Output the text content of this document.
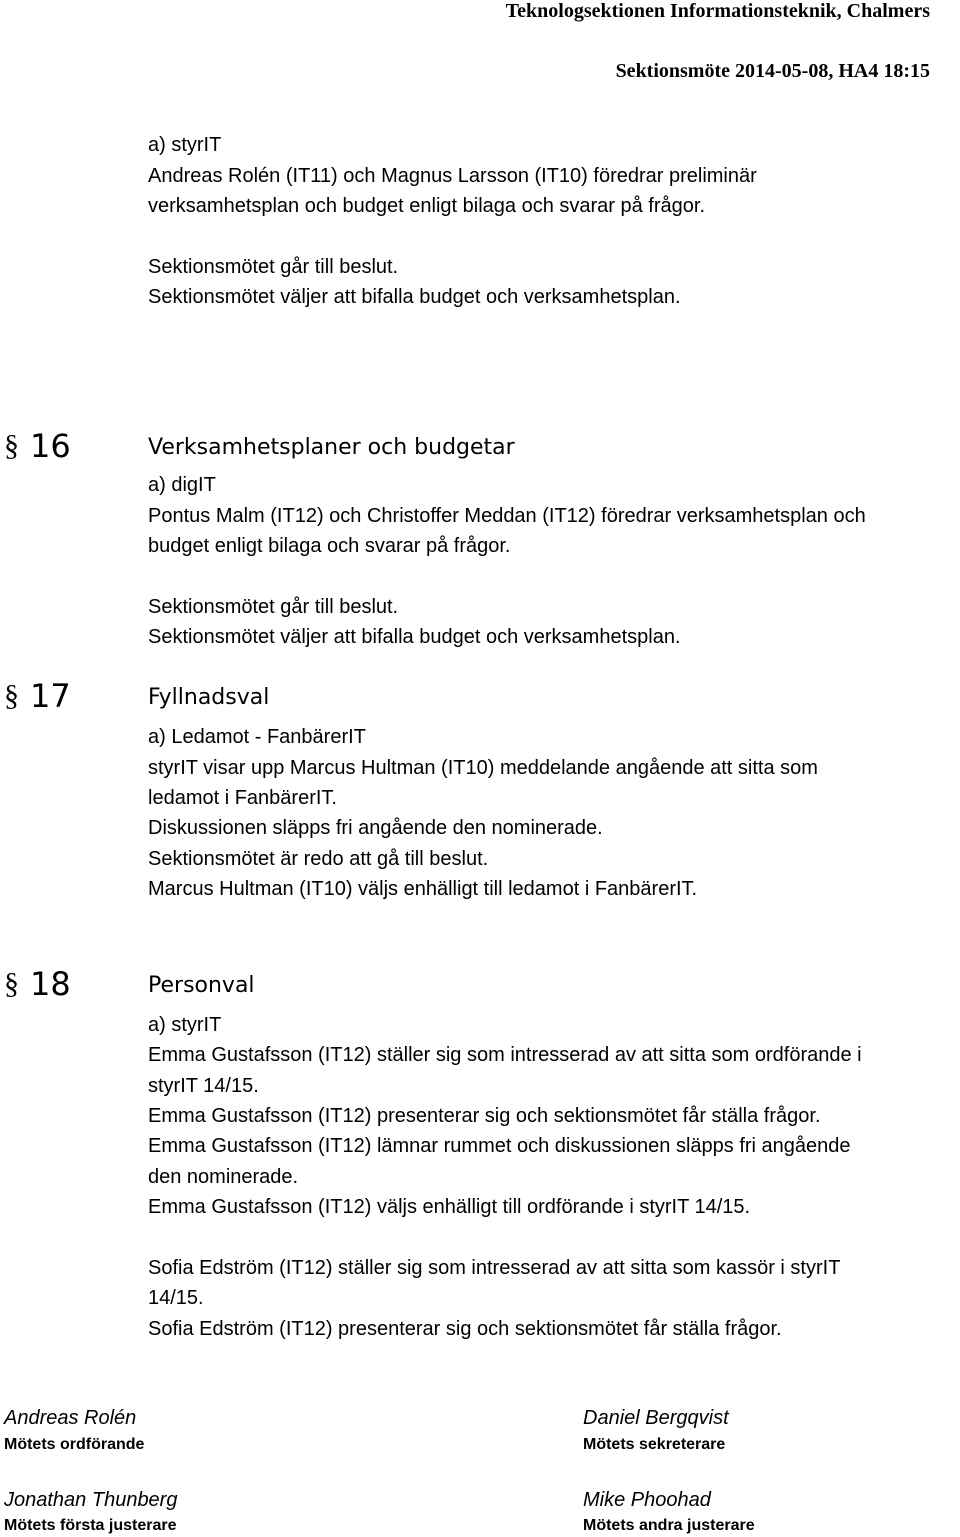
Teknologsektionen Informationsteknik, Chalmers
Sektionsmöte 2014-05-08, HA4 18:15
a) styrIT
Andreas Rolén (IT11) och Magnus Larsson (IT10) föredrar preliminär
verksamhetsplan och budget enligt bilaga och svarar på frågor.
Sektionsmötet går till beslut.
Sektionsmötet väljer att bifalla budget och verksamhetsplan.
§ 16	Verksamhetsplaner och budgetar
a) digIT
Pontus Malm (IT12) och Christoffer Meddan (IT12) föredrar verksamhetsplan och
budget enligt bilaga och svarar på frågor.
Sektionsmötet går till beslut.
Sektionsmötet väljer att bifalla budget och verksamhetsplan.
§ 17	Fyllnadsval
a) Ledamot - FanbärerIT
styrIT visar upp Marcus Hultman (IT10) meddelande angående att sitta som
ledamot i FanbärerIT.
Diskussionen släpps fri angående den nominerade.
Sektionsmötet är redo att gå till beslut.
Marcus Hultman (IT10) väljs enhälligt till ledamot i FanbärerIT.
§ 18	Personval
a) styrIT
Emma Gustafsson (IT12) ställer sig som intresserad av att sitta som ordförande i
styrIT 14/15.
Emma Gustafsson (IT12) presenterar sig och sektionsmötet får ställa frågor.
Emma Gustafsson (IT12) lämnar rummet och diskussionen släpps fri angående
den nominerade.
Emma Gustafsson (IT12) väljs enhälligt till ordförande i styrIT 14/15.
Sofia Edström (IT12) ställer sig som intresserad av att sitta som kassör i styrIT
14/15.
Sofia Edström (IT12) presenterar sig och sektionsmötet får ställa frågor.
Andreas Rolén
Mötets ordförande
Daniel Bergqvist
Mötets sekreterare
Jonathan Thunberg
Mötets första justerare
Mike Phoohad
Mötets andra justerare
